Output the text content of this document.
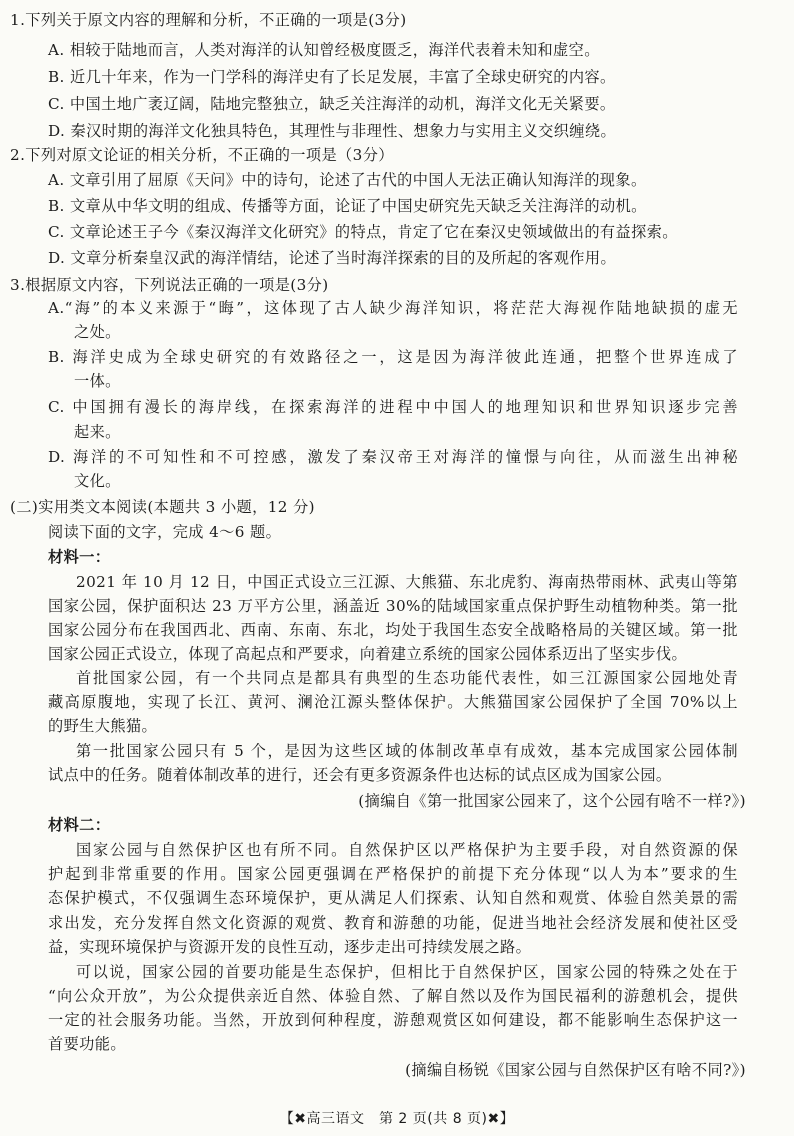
1.下列关于原文内容的理解和分析，不正确的一项是(3分)
A. 相较于陆地而言，人类对海洋的认知曾经极度匮乏，海洋代表着未知和虚空。
B. 近几十年来，作为一门学科的海洋史有了长足发展，丰富了全球史研究的内容。
C. 中国土地广袤辽阔，陆地完整独立，缺乏关注海洋的动机，海洋文化无关紧要。
D. 秦汉时期的海洋文化独具特色，其理性与非理性、想象力与实用主义交织缠绕。
2.下列对原文论证的相关分析，不正确的一项是（3分）
A. 文章引用了屈原《天问》中的诗句，论述了古代的中国人无法正确认知海洋的现象。
B. 文章从中华文明的组成、传播等方面，论证了中国史研究先天缺乏关注海洋的动机。
C. 文章论述王子今《秦汉海洋文化研究》的特点，肯定了它在秦汉史领域做出的有益探索。
D. 文章分析秦皇汉武的海洋情结，论述了当时海洋探索的目的及所起的客观作用。
3.根据原文内容，下列说法正确的一项是(3分)
A.“海”的本义来源于“晦”，这体现了古人缺少海洋知识，将茫茫大海视作陆地缺损的虚无
之处。
B. 海洋史成为全球史研究的有效路径之一，这是因为海洋彼此连通，把整个世界连成了
一体。
C. 中国拥有漫长的海岸线，在探索海洋的进程中中国人的地理知识和世界知识逐步完善
起来。
D. 海洋的不可知性和不可控感，激发了秦汉帝王对海洋的憧憬与向往，从而滋生出神秘
文化。
(二)实用类文本阅读(本题共 3 小题，12 分)
阅读下面的文字，完成 4～6 题。
材料一：
2021 年 10 月 12 日，中国正式设立三江源、大熊猫、东北虎豹、海南热带雨林、武夷山等第
国家公园，保护面积达 23 万平方公里，涵盖近 30%的陆域国家重点保护野生动植物种类。第一批
国家公园分布在我国西北、西南、东南、东北，均处于我国生态安全战略格局的关键区域。第一批
国家公园正式设立，体现了高起点和严要求，向着建立系统的国家公园体系迈出了坚实步伐。
首批国家公园，有一个共同点是都具有典型的生态功能代表性，如三江源国家公园地处青
藏高原腹地，实现了长江、黄河、澜沧江源头整体保护。大熊猫国家公园保护了全国 70%以上
的野生大熊猫。
第一批国家公园只有 5 个，是因为这些区域的体制改革卓有成效，基本完成国家公园体制
试点中的任务。随着体制改革的进行，还会有更多资源条件也达标的试点区成为国家公园。
(摘编自《第一批国家公园来了，这个公园有啥不一样?》)
材料二：
国家公园与自然保护区也有所不同。自然保护区以严格保护为主要手段，对自然资源的保
护起到非常重要的作用。国家公园更强调在严格保护的前提下充分体现“以人为本”要求的生
态保护模式，不仅强调生态环境保护，更从满足人们探索、认知自然和观赏、体验自然美景的需
求出发，充分发挥自然文化资源的观赏、教育和游憩的功能，促进当地社会经济发展和使社区受
益，实现环境保护与资源开发的良性互动，逐步走出可持续发展之路。
可以说，国家公园的首要功能是生态保护，但相比于自然保护区，国家公园的特殊之处在于
“向公众开放”，为公众提供亲近自然、体验自然、了解自然以及作为国民福利的游憩机会，提供
一定的社会服务功能。当然，开放到何种程度，游憩观赏区如何建设，都不能影响生态保护这一
首要功能。
(摘编自杨锐《国家公园与自然保护区有啥不同?》)
【✖高三语文　第 2 页(共 8 页)✖】
